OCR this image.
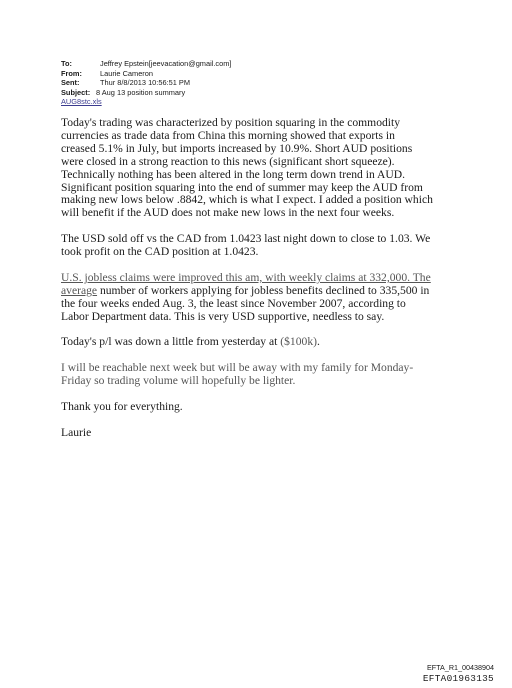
To:	Jeffrey Epstein[jeevacation@gmail.com]
From:	Laurie Cameron
Sent:	Thur 8/8/2013 10:56:51 PM
Subject: 8 Aug 13 position summary
AUG8stc.xls
Today's trading was characterized by position squaring in the commodity
currencies as trade data from China this morning showed that exports in
creased 5.1% in July, but imports increased by 10.9%. Short AUD positions
were closed in a strong reaction to this news (significant short squeeze).
Technically nothing has been altered in the long term down trend in AUD.
Significant position squaring into the end of summer may keep the AUD from
making new lows below .8842, which is what I expect. I added a position which
will benefit if the AUD does not make new lows in the next four weeks.
The USD sold off vs the CAD from 1.0423 last night down to close to 1.03. We
took profit on the CAD position at 1.0423.
U.S. jobless claims were improved this am, with weekly claims at 332,000. The
average number of workers applying for jobless benefits declined to 335,500 in
the four weeks ended Aug. 3, the least since November 2007, according to
Labor Department data. This is very USD supportive, needless to say.
Today's p/l was down a little from yesterday at ($100k).
I will be reachable next week but will be away with my family for Monday-
Friday so trading volume will hopefully be lighter.
Thank you for everything.
Laurie
EFTA_R1_00438904
EFTA01963135
